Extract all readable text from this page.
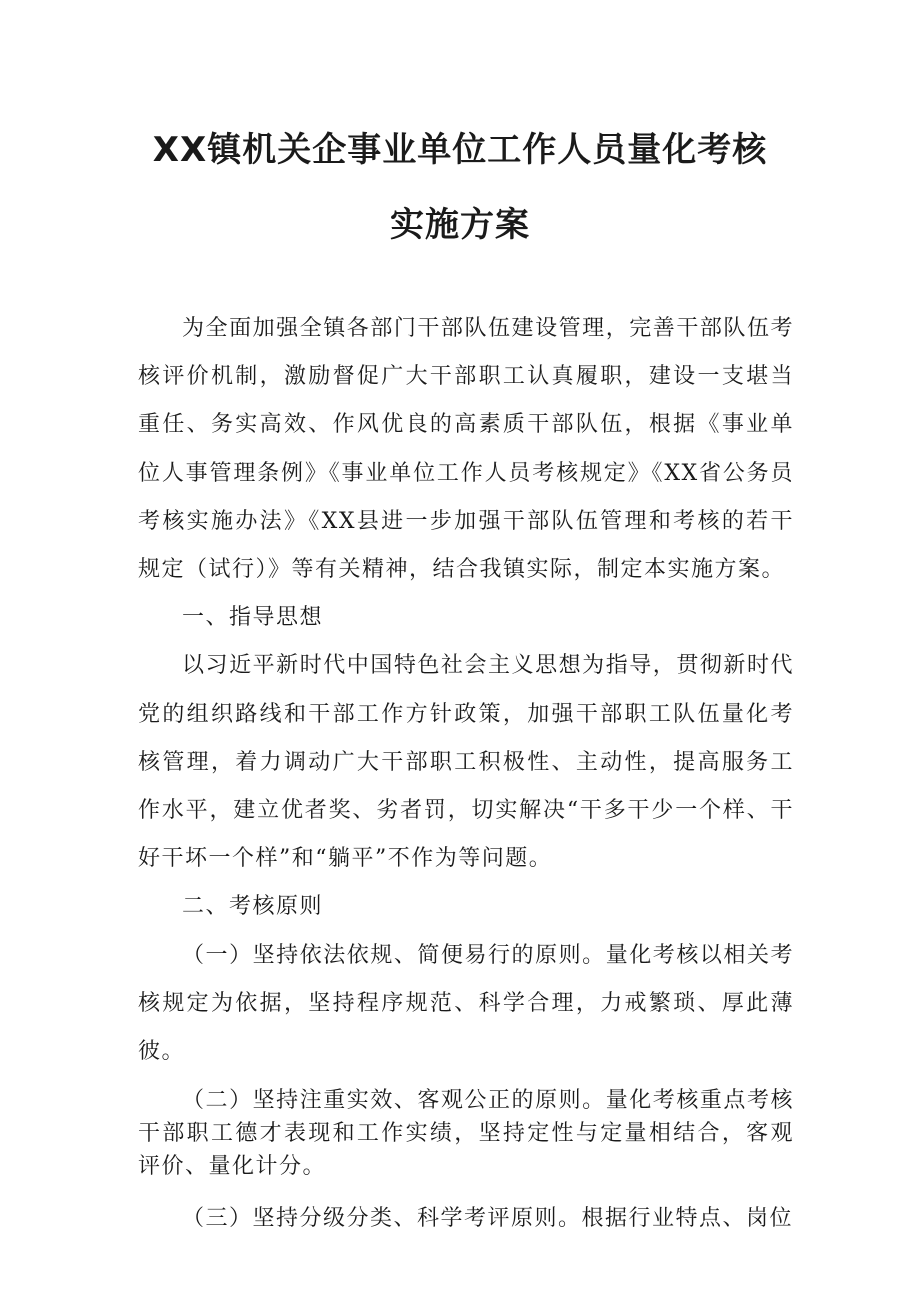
XX镇机关企事业单位工作人员量化考核
实施方案

为全面加强全镇各部门干部队伍建设管理，完善干部队伍考核评价机制，激励督促广大干部职工认真履职，建设一支堪当重任、务实高效、作风优良的高素质干部队伍，根据《事业单位人事管理条例》《事业单位工作人员考核规定》《XX省公务员考核实施办法》《XX县进一步加强干部队伍管理和考核的若干规定（试行）》等有关精神，结合我镇实际，制定本实施方案。

一、指导思想

以习近平新时代中国特色社会主义思想为指导，贯彻新时代党的组织路线和干部工作方针政策，加强干部职工队伍量化考核管理，着力调动广大干部职工积极性、主动性，提高服务工作水平，建立优者奖、劣者罚，切实解决“干多干少一个样、干好干坏一个样”和“躺平”不作为等问题。

二、考核原则

（一）坚持依法依规、简便易行的原则。量化考核以相关考核规定为依据，坚持程序规范、科学合理，力戒繁琐、厚此薄彼。

（二）坚持注重实效、客观公正的原则。量化考核重点考核干部职工德才表现和工作实绩，坚持定性与定量相结合，客观评价、量化计分。

（三）坚持分级分类、科学考评原则。根据行业特点、岗位
